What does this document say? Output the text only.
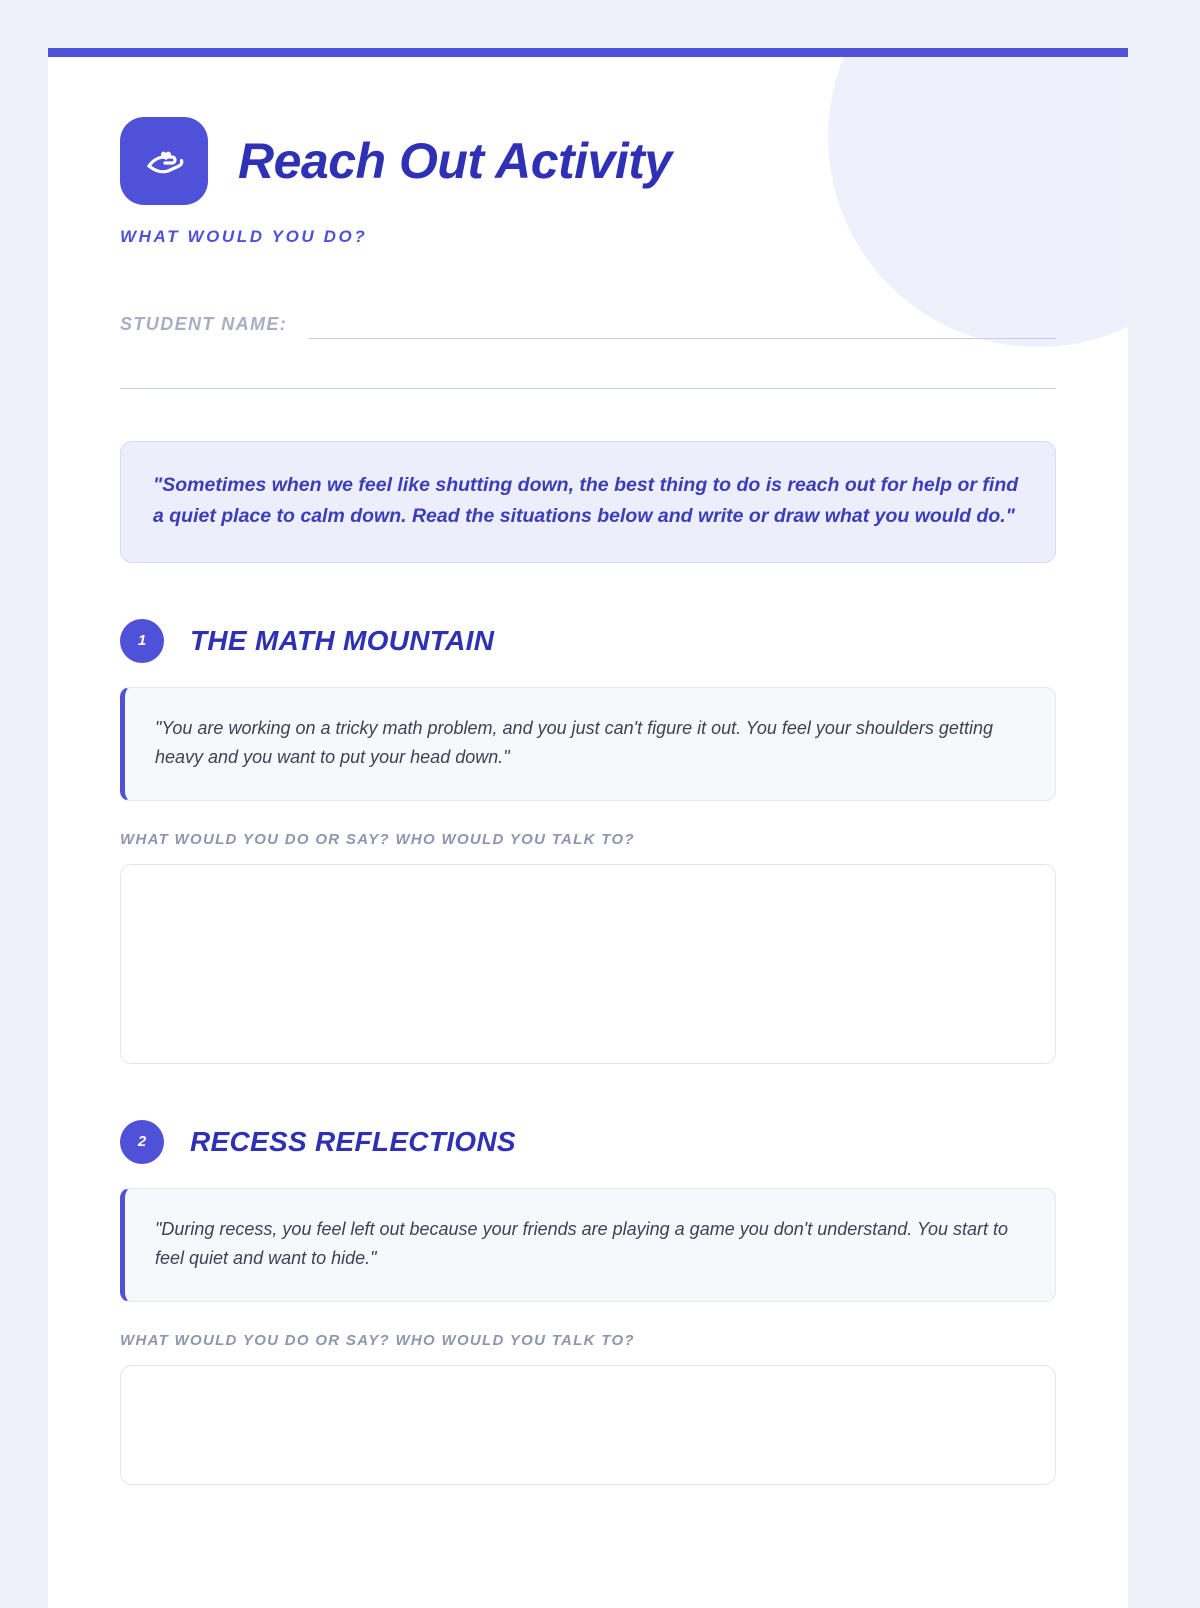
Reach Out Activity
WHAT WOULD YOU DO?
STUDENT NAME:

"Sometimes when we feel like shutting down, the best thing to do is reach out for help or find a quiet place to calm down. Read the situations below and write or draw what you would do."

1	THE MATH MOUNTAIN

"You are working on a tricky math problem, and you just can't figure it out. You feel your shoulders getting heavy and you want to put your head down."

WHAT WOULD YOU DO OR SAY? WHO WOULD YOU TALK TO?
2	RECESS REFLECTIONS

"During recess, you feel left out because your friends are playing a game you don't understand. You start to feel quiet and want to hide."

WHAT WOULD YOU DO OR SAY? WHO WOULD YOU TALK TO?
